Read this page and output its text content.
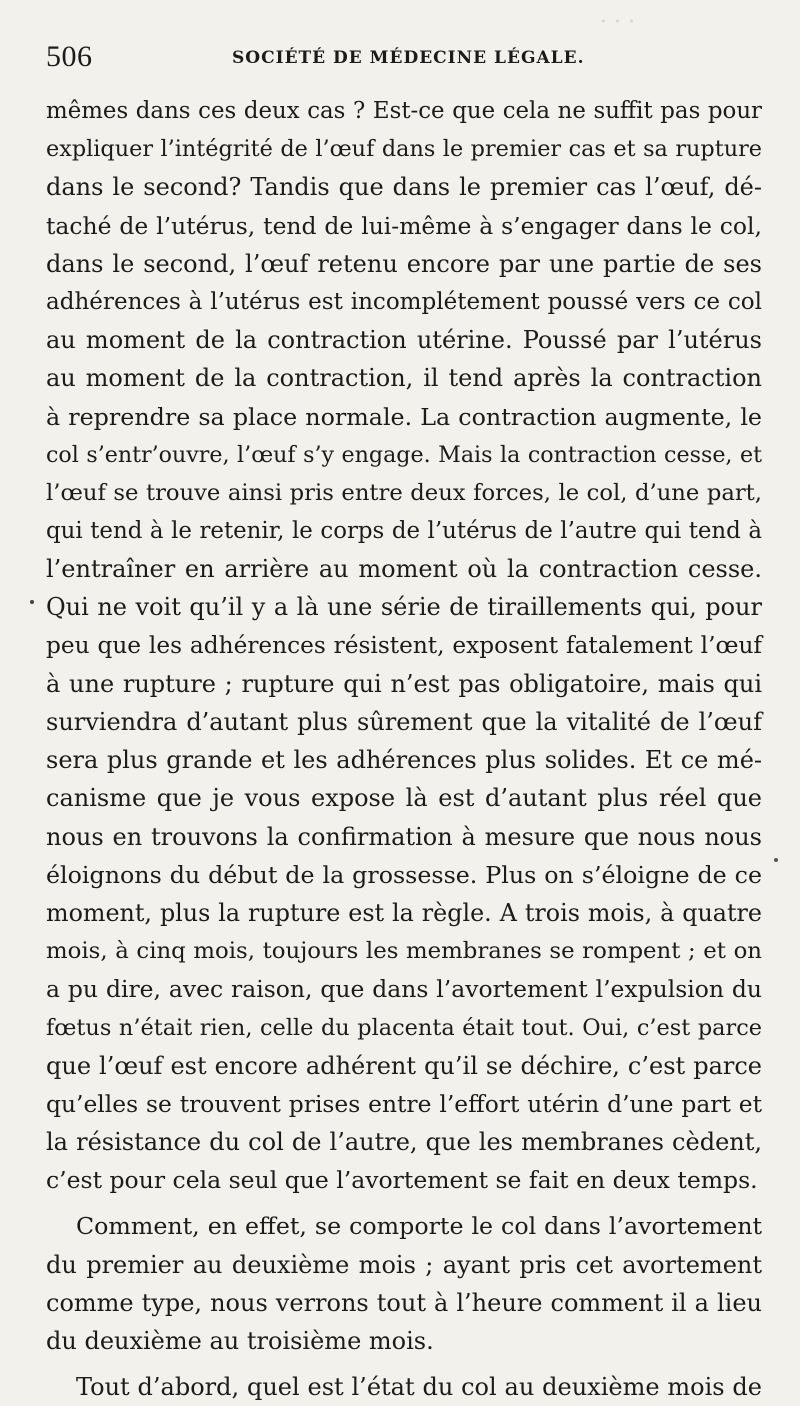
· · ·
506	SOCIÉTÉ DE MÉDECINE LÉGALE.
mêmes dans ces deux cas ? Est-ce que cela ne suffit pas pour
expliquer l’intégrité de l’œuf dans le premier cas et sa rupture
dans le second? Tandis que dans le premier cas l’œuf, dé-
taché de l’utérus, tend de lui-même à s’engager dans le col,
dans le second, l’œuf retenu encore par une partie de ses
adhérences à l’utérus est incomplétement poussé vers ce col
au moment de la contraction utérine. Poussé par l’utérus
au moment de la contraction, il tend après la contraction
à reprendre sa place normale. La contraction augmente, le
col s’entr’ouvre, l’œuf s’y engage. Mais la contraction cesse, et
l’œuf se trouve ainsi pris entre deux forces, le col, d’une part,
qui tend à le retenir, le corps de l’utérus de l’autre qui tend à
l’entraîner en arrière au moment où la contraction cesse.
Qui ne voit qu’il y a là une série de tiraillements qui, pour
peu que les adhérences résistent, exposent fatalement l’œuf
à une rupture ; rupture qui n’est pas obligatoire, mais qui
surviendra d’autant plus sûrement que la vitalité de l’œuf
sera plus grande et les adhérences plus solides. Et ce mé-
canisme que je vous expose là est d’autant plus réel que
nous en trouvons la confirmation à mesure que nous nous
éloignons du début de la grossesse. Plus on s’éloigne de ce
moment, plus la rupture est la règle. A trois mois, à quatre
mois, à cinq mois, toujours les membranes se rompent ; et on
a pu dire, avec raison, que dans l’avortement l’expulsion du
fœtus n’était rien, celle du placenta était tout. Oui, c’est parce
que l’œuf est encore adhérent qu’il se déchire, c’est parce
qu’elles se trouvent prises entre l’effort utérin d’une part et
la résistance du col de l’autre, que les membranes cèdent,
c’est pour cela seul que l’avortement se fait en deux temps.
Comment, en effet, se comporte le col dans l’avortement
du premier au deuxième mois ; ayant pris cet avortement
comme type, nous verrons tout à l’heure comment il a lieu
du deuxième au troisième mois.
Tout d’abord, quel est l’état du col au deuxième mois de
